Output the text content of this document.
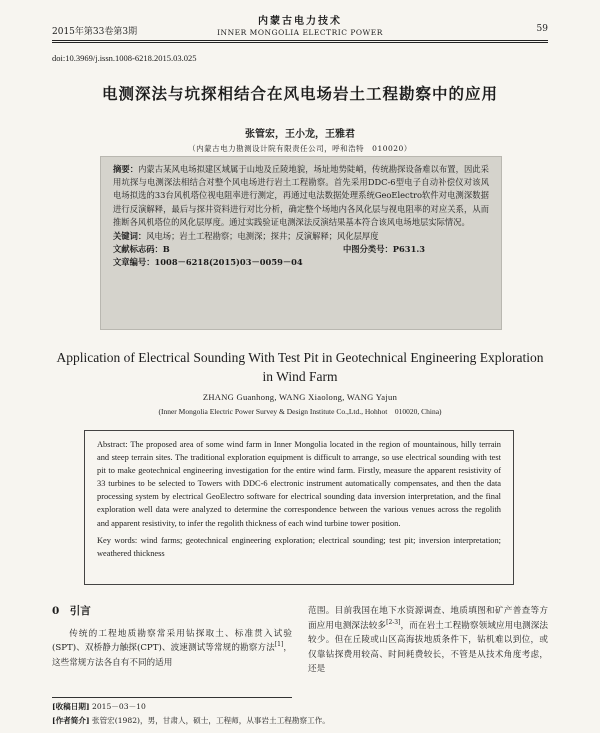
2015年第33卷第3期
内蒙古电力技术
INNER MONGOLIA ELECTRIC POWER	59
doi:10.3969/j.issn.1008-6218.2015.03.025
电测深法与坑探相结合在风电场岩土工程勘察中的应用
张管宏，王小龙，王雅君
（内蒙古电力勘测设计院有限责任公司，呼和浩特　010020）

摘要：内蒙古某风电场拟建区域属于山地及丘陵地貌，场址地势陡峭，传统勘探设备难以布置，因此采用坑探与电测深法相结合对整个风电场进行岩土工程勘察。首先采用DDC-6型电子自动补偿仪对该风电场拟选的33台风机塔位视电阻率进行测定，再通过电法数据处理系统GeoElectro软件对电测深数据进行反演解释，最后与探井资料进行对比分析，确定整个场地内各风化层与视电阻率的对应关系，从而推断各风机塔位的风化层厚度。通过实践验证电测深法反演结果基本符合该风电场地层实际情况。

关键词：风电场；岩土工程勘察；电测深；探井；反演解释；风化层厚度

文献标志码：B	中图分类号：P631.3

文章编号：1008－6218(2015)03－0059－04

Application of Electrical Sounding With Test Pit in Geotechnical Engineering Exploration in Wind Farm
ZHANG Guanhong, WANG Xiaolong, WANG Yajun
(Inner Mongolia Electric Power Survey & Design Institute Co.,Ltd., Hohhot　010020, China)

Abstract: The proposed area of some wind farm in Inner Mongolia located in the region of mountainous, hilly terrain and steep terrain sites. The traditional exploration equipment is difficult to arrange, so use electrical sounding with test pit to make geotechnical engineering investigation for the entire wind farm. Firstly, measure the apparent resistivity of 33 turbines to be selected to Towers with DDC-6 electronic instrument automatically compensates, and then the data processing system by electrical GeoElectro software for electrical sounding data inversion interpretation, and the final exploration well data were analyzed to determine the correspondence between the various venues across the regolith and apparent resistivity, to infer the regolith thickness of each wind turbine tower position.

Key words: wind farms; geotechnical engineering exploration; electrical sounding; test pit; inversion interpretation; weathered thickness

0　引言

传统的工程地质勘察常采用钻探取土、标准贯入试验(SPT)、双桥静力触探(CPT)、波速测试等常规的勘察方法[1]，这些常规方法各自有不同的适用

范围。目前我国在地下水资源调查、地质填图和矿产普查等方面应用电测深法较多[2-3]，而在岩土工程勘察领域应用电测深法较少。但在丘陵或山区高海拔地质条件下，钻机难以到位，或仅靠钻探费用较高、时间耗费较长，不管是从技术角度考虑，还是

[收稿日期] 2015－03－10
[作者简介] 张管宏(1982)，男，甘肃人，硕士，工程师，从事岩土工程勘察工作。
